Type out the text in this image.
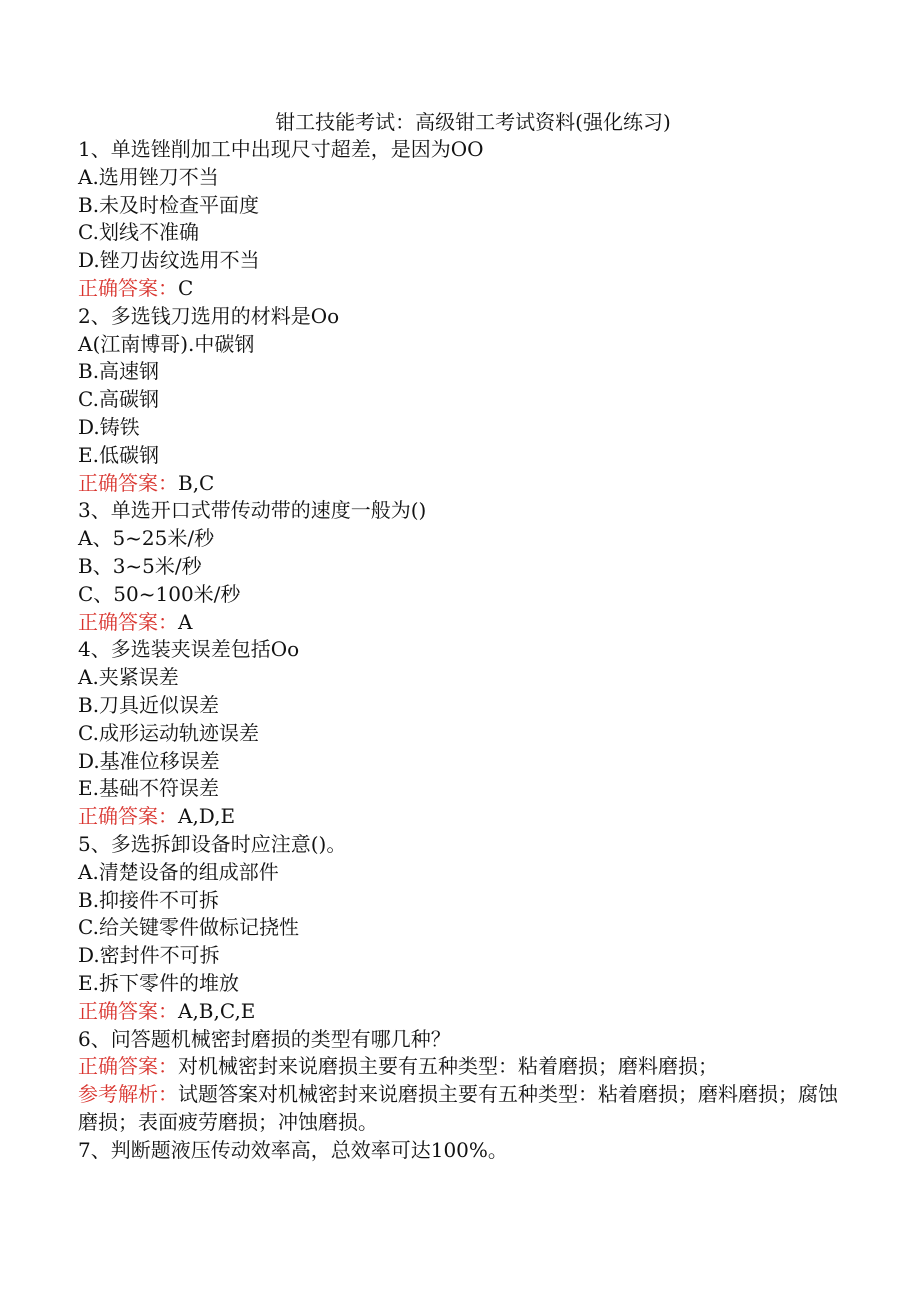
钳工技能考试：高级钳工考试资料(强化练习)
1、单选锉削加工中出现尺寸超差，是因为OO
A.选用锉刀不当
B.未及时检查平面度
C.划线不准确
D.锉刀齿纹选用不当
正确答案：C
2、多选钱刀选用的材料是Oo
A(江南博哥).中碳钢
B.高速钢
C.高碳钢
D.铸铁
E.低碳钢
正确答案：B,C
3、单选开口式带传动带的速度一般为()
A、5~25米/秒
B、3~5米/秒
C、50~100米/秒
正确答案：A
4、多选装夹误差包括Oo
A.夹紧误差
B.刀具近似误差
C.成形运动轨迹误差
D.基准位移误差
E.基础不符误差
正确答案：A,D,E
5、多选拆卸设备时应注意()。
A.清楚设备的组成部件
B.抑接件不可拆
C.给关键零件做标记挠性
D.密封件不可拆
E.拆下零件的堆放
正确答案：A,B,C,E
6、问答题机械密封磨损的类型有哪几种？
正确答案：对机械密封来说磨损主要有五种类型：粘着磨损；磨料磨损；
参考解析：试题答案对机械密封来说磨损主要有五种类型：粘着磨损；磨料磨损；腐蚀磨损；表面疲劳磨损；冲蚀磨损。
7、判断题液压传动效率高，总效率可达100%。
